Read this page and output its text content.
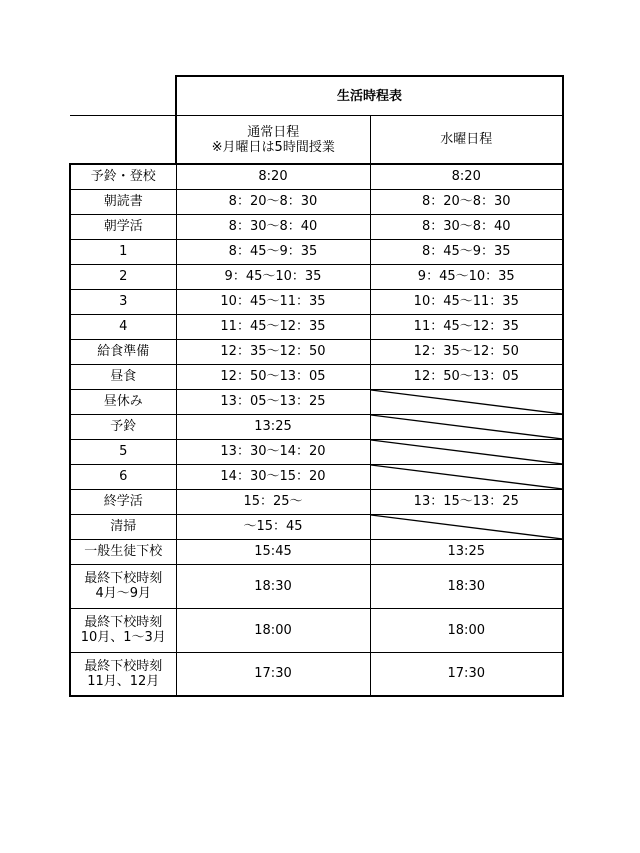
	生活時程表	

	通常日程
※月曜日は5時間授業	水曜日程

予鈴・登校	8:20	8:20

朝読書	8：20〜8：30	8：20〜8：30

朝学活	8：30〜8：40	8：30〜8：40

1	8：45〜9：35	8：45〜9：35

2	9：45〜10：35	9：45〜10：35

3	10：45〜11：35	10：45〜11：35

4	11：45〜12：35	11：45〜12：35

給食準備	12：35〜12：50	12：35〜12：50

昼食	12：50〜13：05	12：50〜13：05

昼休み	13：05〜13：25	

予鈴	13:25	

5	13：30〜14：20	

6	14：30〜15：20	

終学活	15：25〜	13：15〜13：25

清掃	〜15：45	

一般生徒下校	15:45	13:25

最終下校時刻
4月〜9月	18:30	18:30

最終下校時刻
10月、1〜3月	18:00	18:00

最終下校時刻
11月、12月	17:30	17:30
